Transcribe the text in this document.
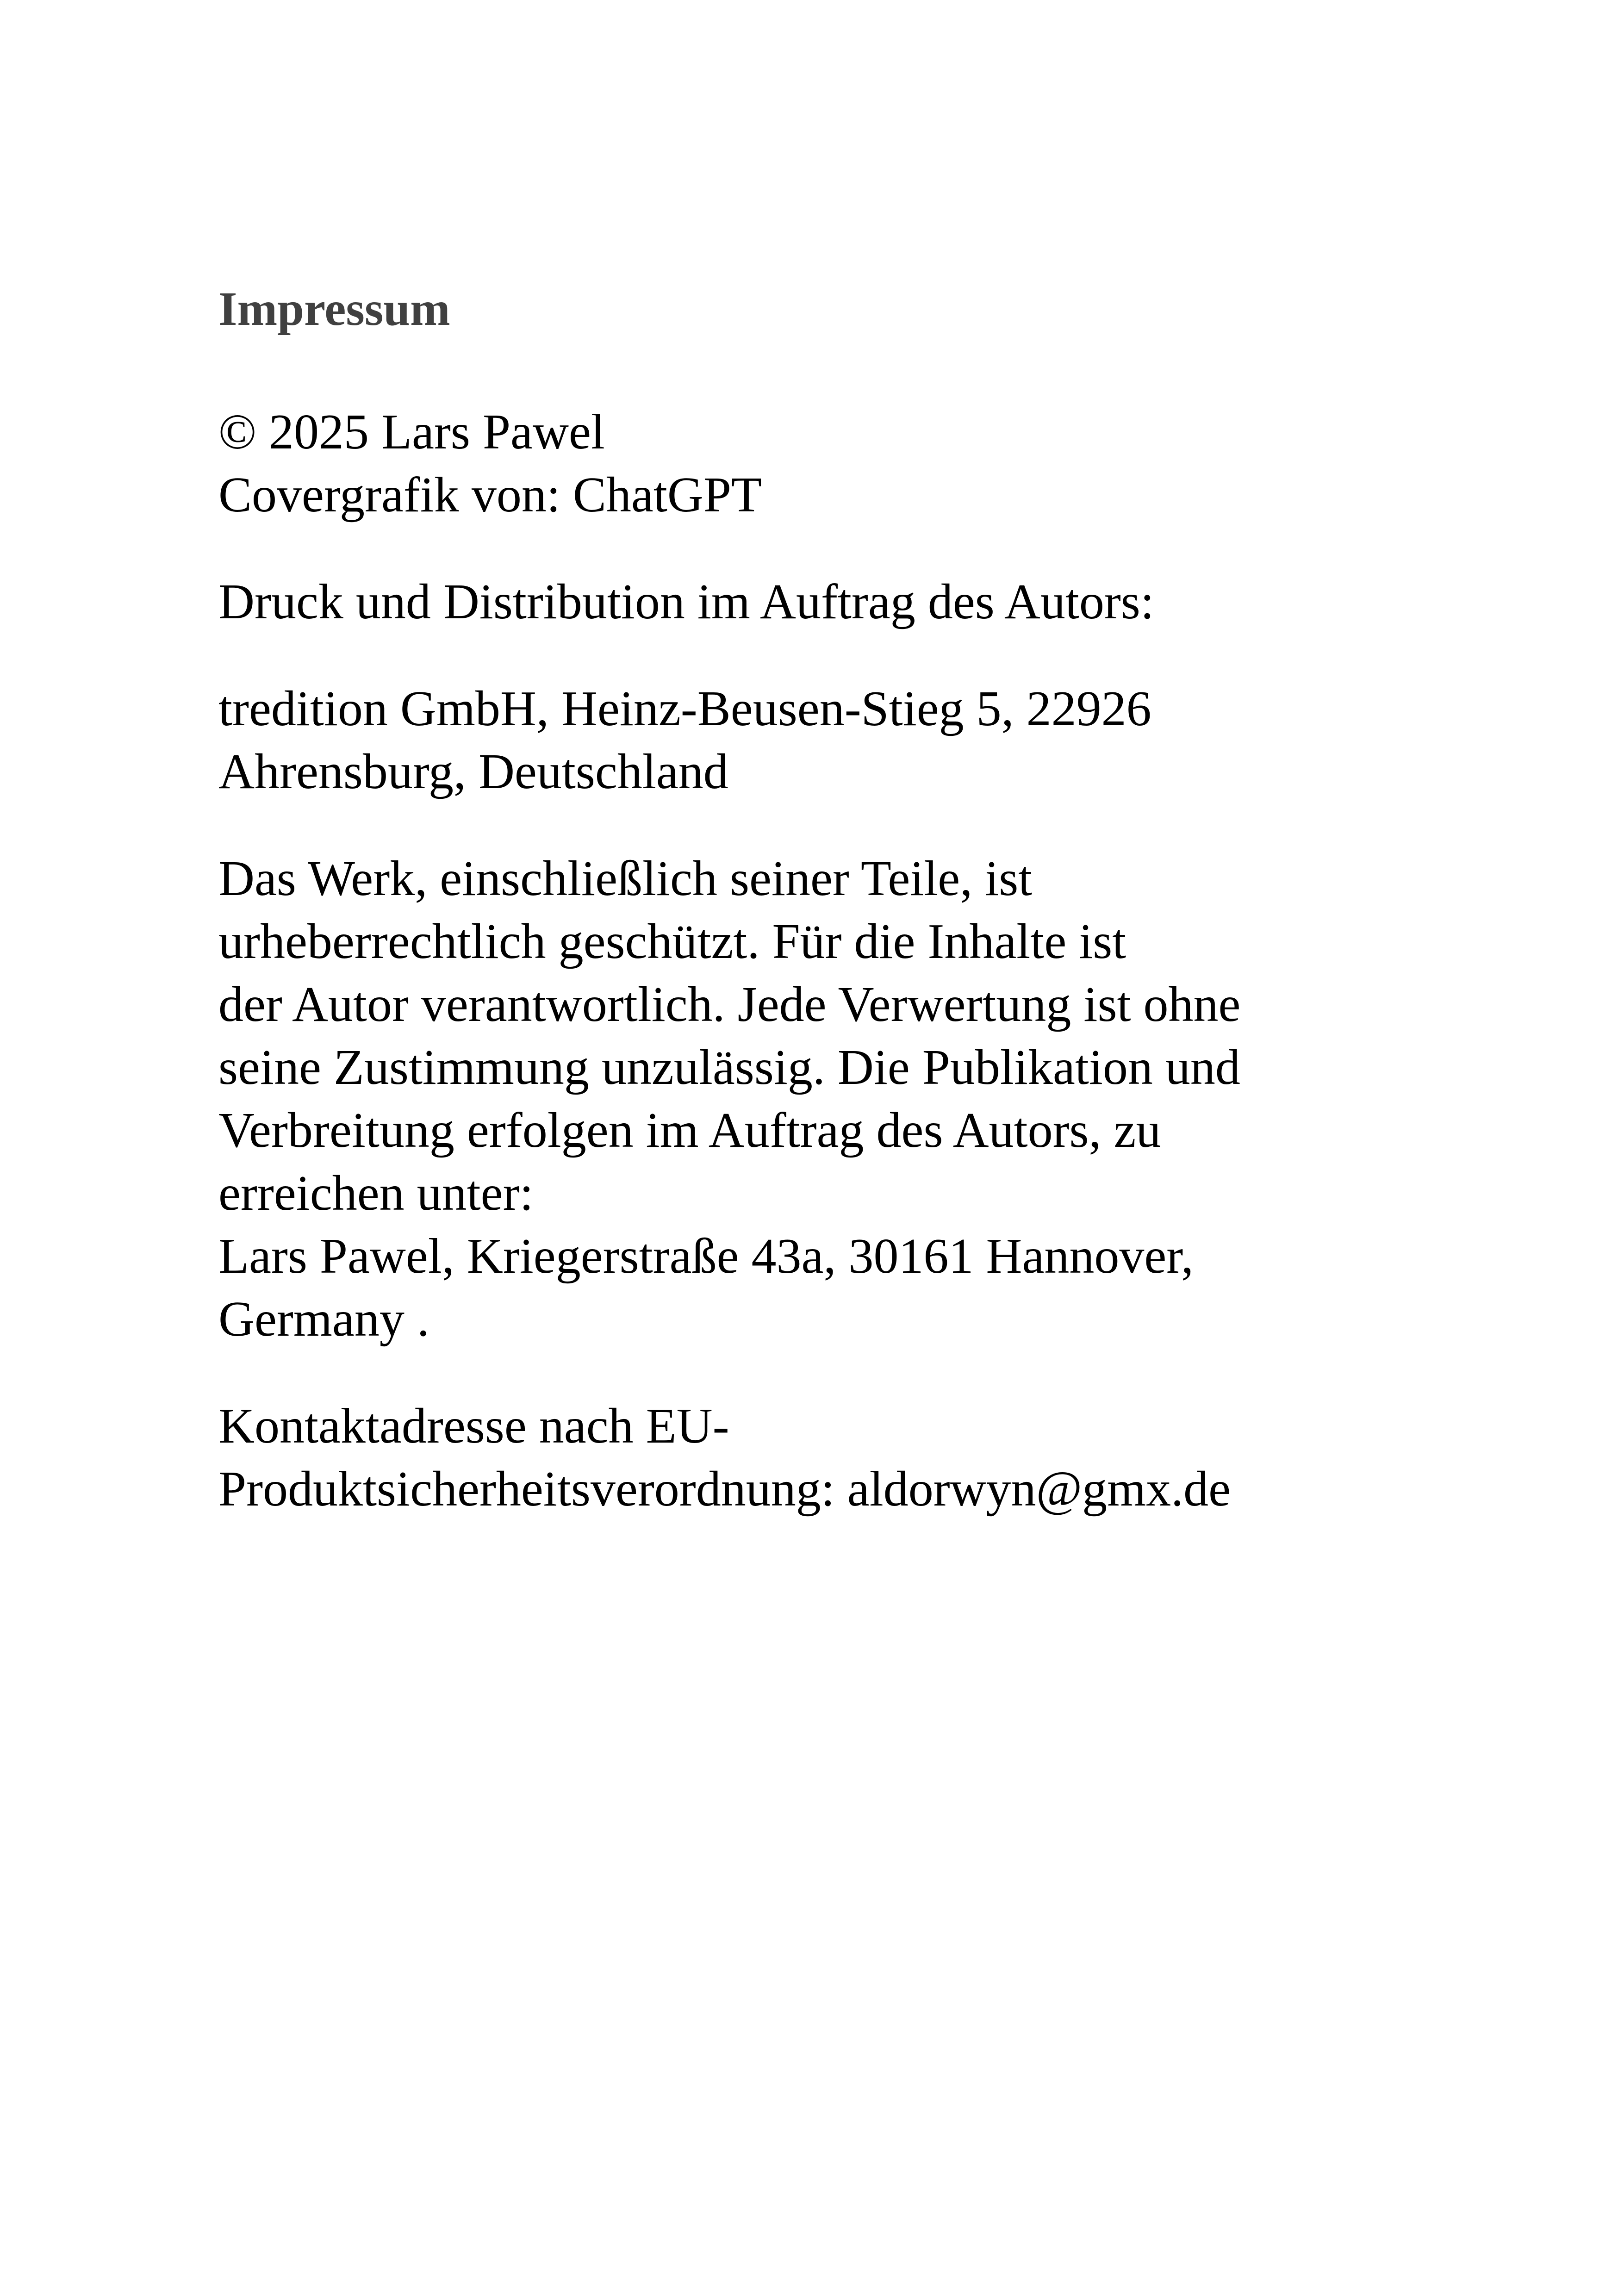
Impressum

© 2025 Lars Pawel
Covergrafik von: ChatGPT

Druck und Distribution im Auftrag des Autors:

tredition GmbH, Heinz-Beusen-Stieg 5, 22926
Ahrensburg, Deutschland

Das Werk, einschließlich seiner Teile, ist
urheberrechtlich geschützt. Für die Inhalte ist
der Autor verantwortlich. Jede Verwertung ist ohne
seine Zustimmung unzulässig. Die Publikation und
Verbreitung erfolgen im Auftrag des Autors, zu
erreichen unter:
Lars Pawel, Kriegerstraße 43a, 30161 Hannover,
Germany .

Kontaktadresse nach EU-
Produktsicherheitsverordnung: aldorwyn@gmx.de
